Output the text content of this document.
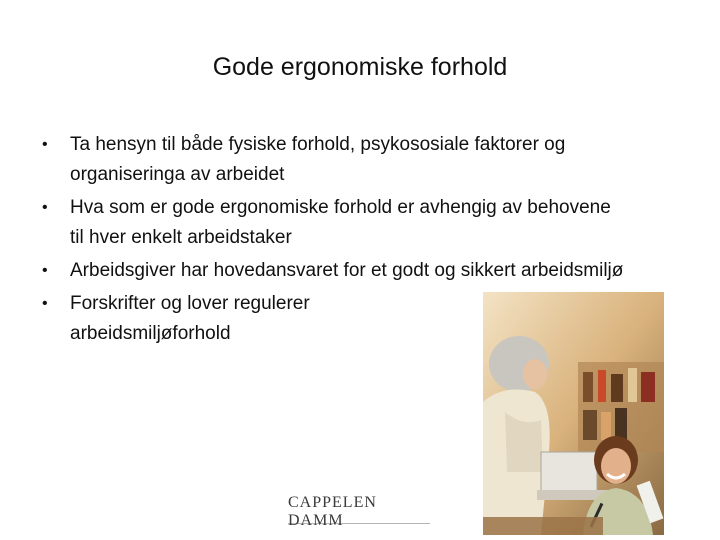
Gode ergonomiske forhold
• Ta hensyn til både fysiske forhold, psykososiale faktorer og organiseringa av arbeidet
• Hva som er gode ergonomiske forhold er avhengig av behovene til hver enkelt arbeidstaker
• Arbeidsgiver har hovedansvaret for et godt og sikkert arbeidsmiljø
• Forskrifter og lover regulerer arbeidsmiljøforhold
CAPPELEN DAMM
